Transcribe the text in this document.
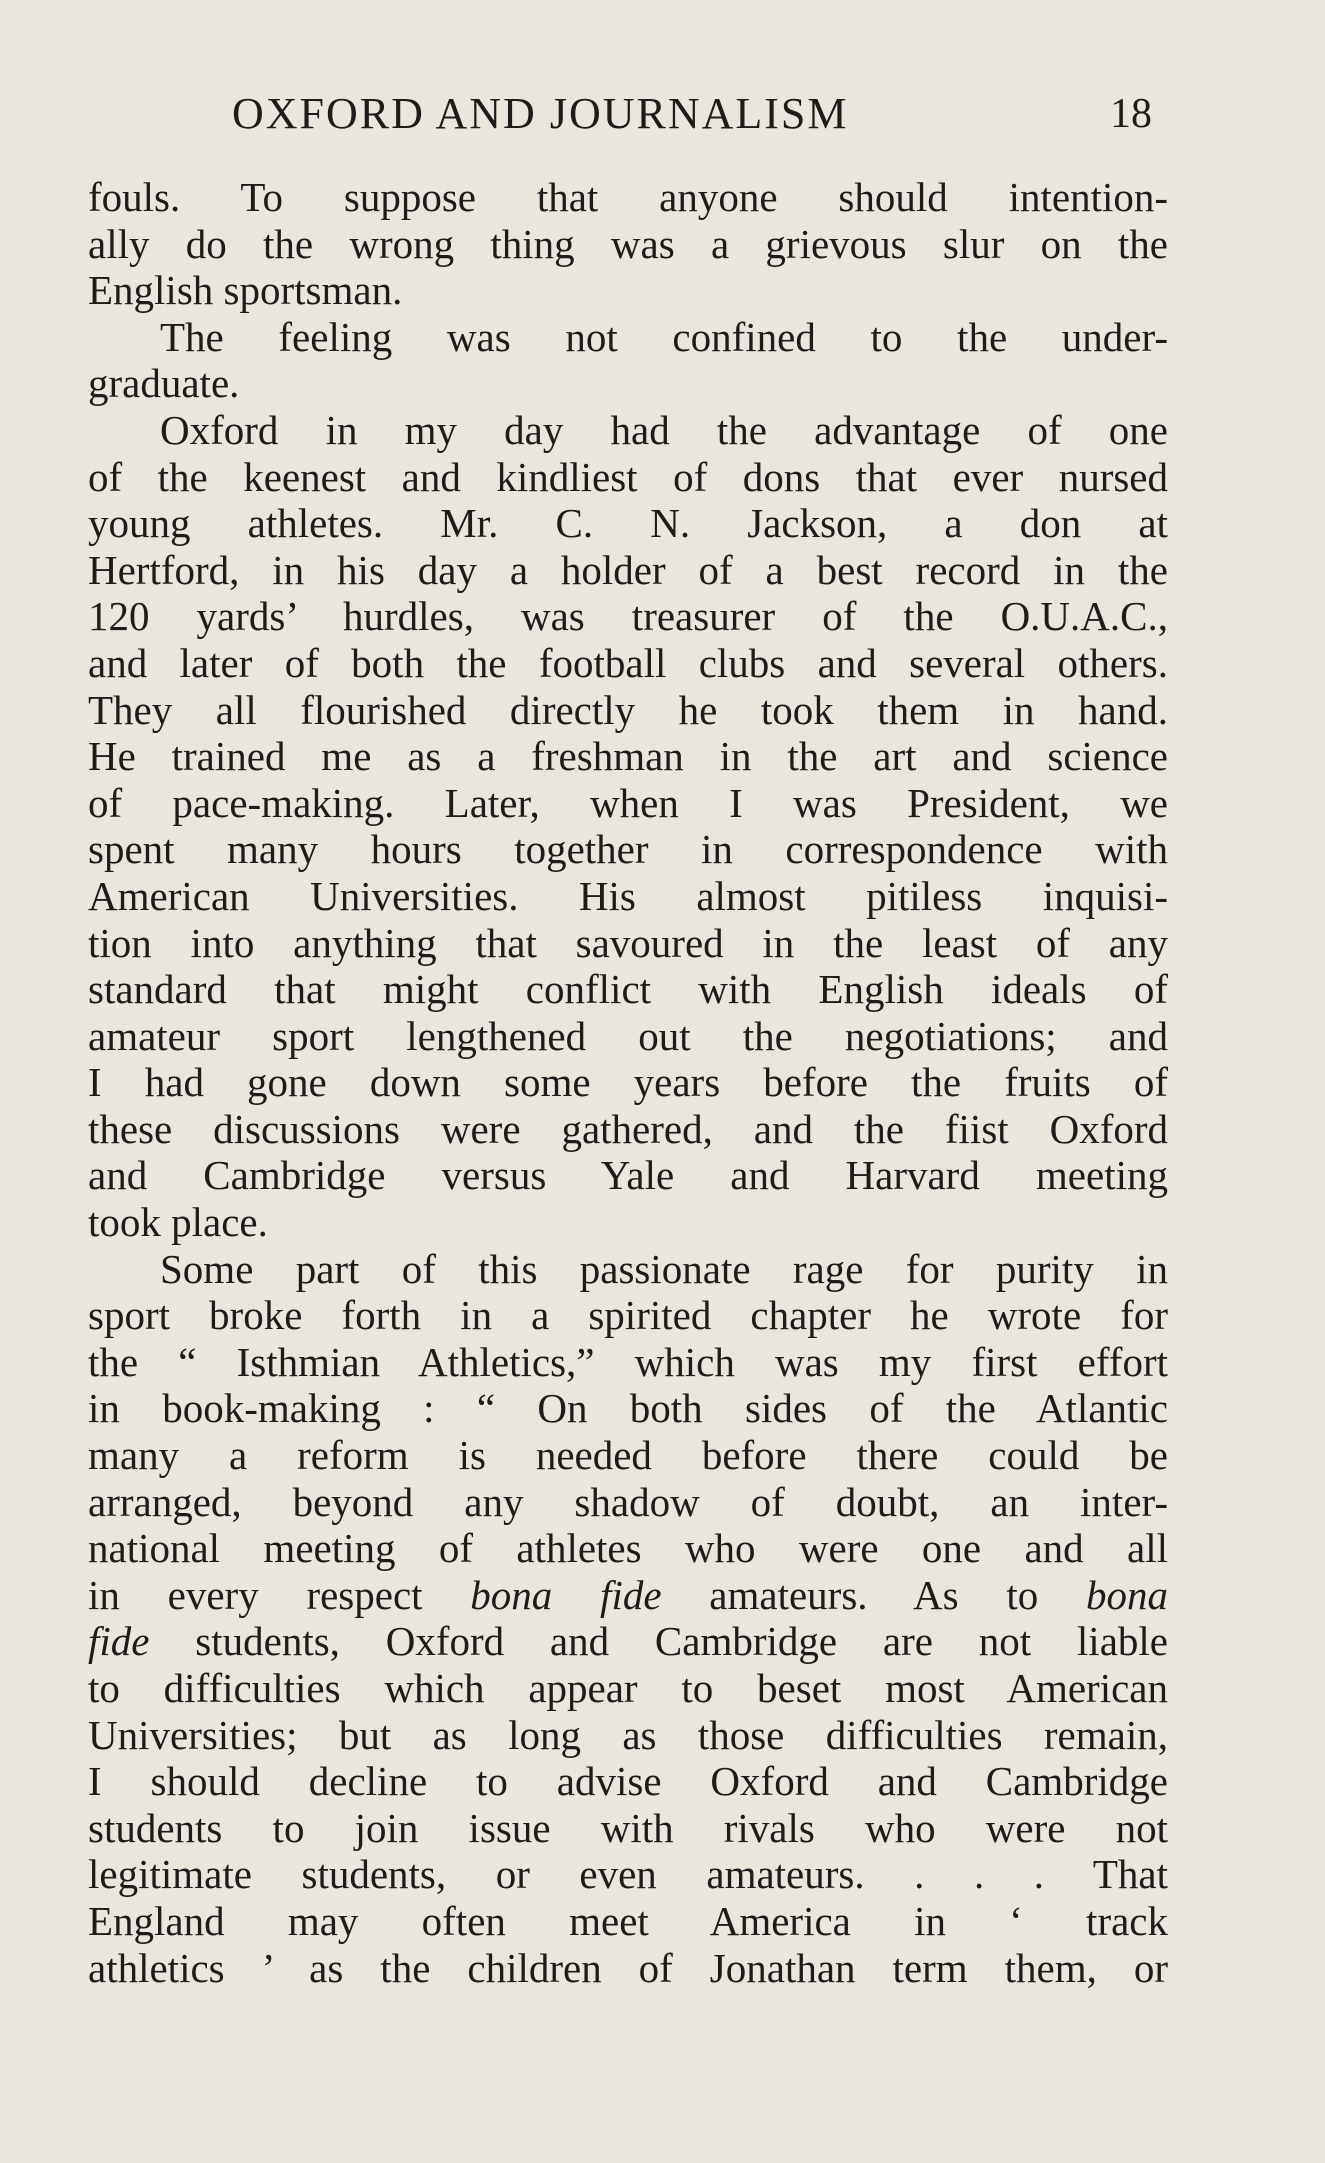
OXFORD AND JOURNALISM	18
fouls. To suppose that anyone should intention-
ally do the wrong thing was a grievous slur on the
English sportsman.
The feeling was not confined to the under-
graduate.
Oxford in my day had the advantage of one
of the keenest and kindliest of dons that ever nursed
young athletes. Mr. C. N. Jackson, a don at
Hertford, in his day a holder of a best record in the
120 yards’ hurdles, was treasurer of the O.U.A.C.,
and later of both the football clubs and several others.
They all flourished directly he took them in hand.
He trained me as a freshman in the art and science
of pace-making. Later, when I was President, we
spent many hours together in correspondence with
American Universities. His almost pitiless inquisi-
tion into anything that savoured in the least of any
standard that might conflict with English ideals of
amateur sport lengthened out the negotiations; and
I had gone down some years before the fruits of
these discussions were gathered, and the fiist Oxford
and Cambridge versus Yale and Harvard meeting
took place.
Some part of this passionate rage for purity in
sport broke forth in a spirited chapter he wrote for
the “ Isthmian Athletics,” which was my first effort
in book-making : “ On both sides of the Atlantic
many a reform is needed before there could be
arranged, beyond any shadow of doubt, an inter-
national meeting of athletes who were one and all
in every respect bona fide amateurs. As to bona
fide students, Oxford and Cambridge are not liable
to difficulties which appear to beset most American
Universities; but as long as those difficulties remain,
I should decline to advise Oxford and Cambridge
students to join issue with rivals who were not
legitimate students, or even amateurs. . . . That
England may often meet America in ‘ track
athletics ’ as the children of Jonathan term them, or
